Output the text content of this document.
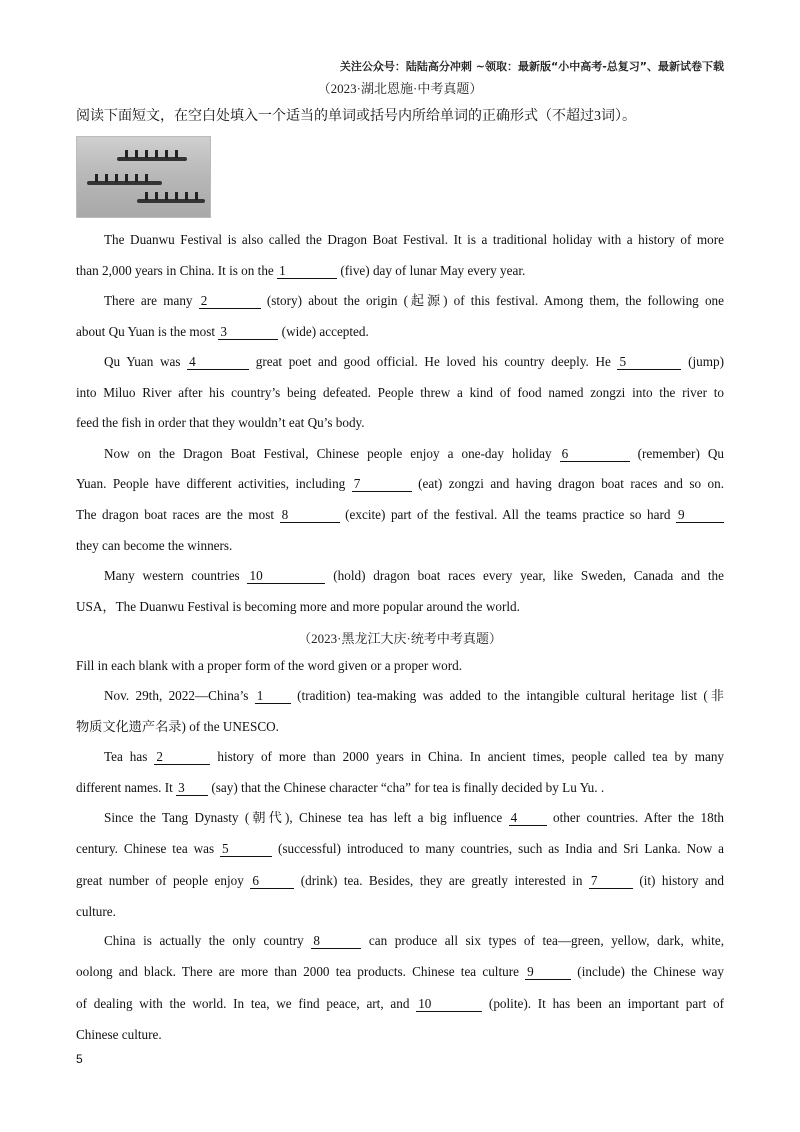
关注公众号：陆陆高分冲刺 ~领取：最新版“小中高考-总复习”、最新试卷下载
（2023·湖北恩施·中考真题）
阅读下面短文，在空白处填入一个适当的单词或括号内所给单词的正确形式（不超过3词）。
The Duanwu Festival is also called the Dragon Boat Festival. It is a traditional holiday with a history of more
than 2,000 years in China. It is on the 1	(five) day of lunar May every year.
There are many 2	(story) about the origin (起源) of this festival. Among them, the following one
about Qu Yuan is the most 3	(wide) accepted.
Qu Yuan was 4	great poet and good official. He loved his country deeply. He 5	(jump)
into Miluo River after his country’s being defeated. People threw a kind of food named zongzi into the river to
feed the fish in order that they wouldn’t eat Qu’s body.
Now on the Dragon Boat Festival, Chinese people enjoy a one-day holiday 6	(remember) Qu
Yuan. People have different activities, including 7	(eat) zongzi and having dragon boat races and so on.
The dragon boat races are the most 8	(excite) part of the festival. All the teams practice so hard 9
they can become the winners.
Many western countries 10	(hold) dragon boat races every year, like Sweden, Canada and the
USA，The Duanwu Festival is becoming more and more popular around the world.
（2023·黑龙江大庆·统考中考真题）
Fill in each blank with a proper form of the word given or a proper word.
Nov. 29th, 2022—China’s 1 (tradition) tea-making was added to the intangible cultural heritage list (非
物质文化遗产名录) of the UNESCO.
Tea has 2	history of more than 2000 years in China. In ancient times, people called tea by many
different names. It 3 (say) that the Chinese character “cha” for tea is finally decided by Lu Yu. .
Since the Tang Dynasty (朝代), Chinese tea has left a big influence 4 other countries. After the 18th
century. Chinese tea was 5	(successful) introduced to many countries, such as India and Sri Lanka. Now a
great number of people enjoy 6	(drink) tea. Besides, they are greatly interested in 7	(it) history and
culture.
China is actually the only country 8	can produce all six types of tea—green, yellow, dark, white,
oolong and black. There are more than 2000 tea products. Chinese tea culture 9	(include) the Chinese way
of dealing with the world. In tea, we find peace, art, and 10	(polite). It has been an important part of
Chinese culture.
5
